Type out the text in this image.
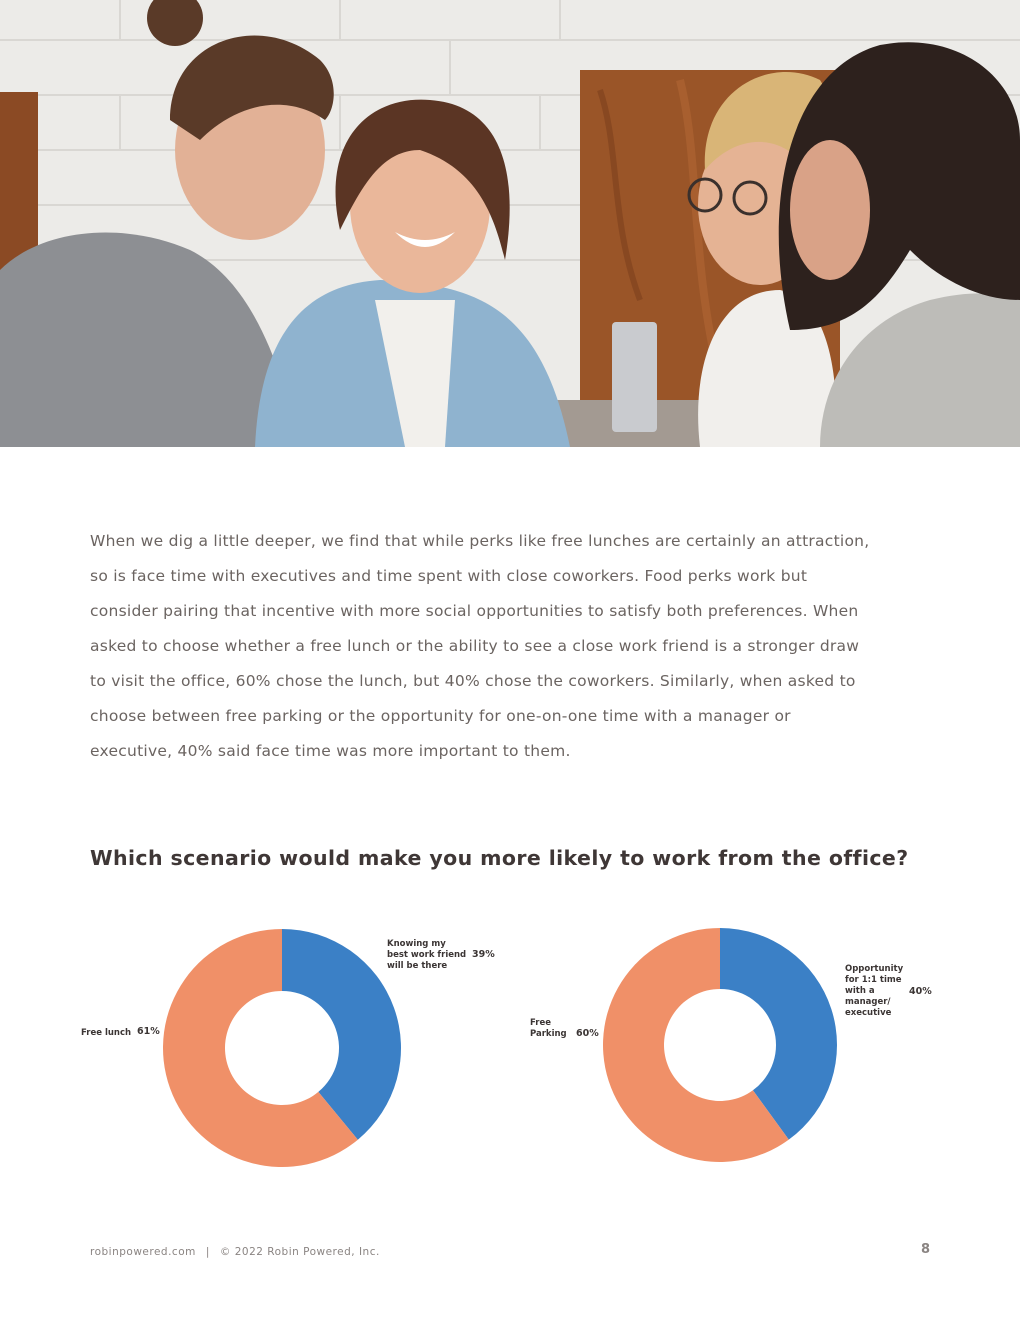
When we dig a little deeper, we find that while perks like free lunches are certainly an attraction, so is face time with executives and time spent with close coworkers. Food perks work but consider pairing that incentive with more social opportunities to satisfy both preferences. When asked to choose whether a free lunch or the ability to see a close work friend is a stronger draw to visit the office, 60% chose the lunch, but 40% chose the coworkers. Similarly, when asked to choose between free parking or the opportunity for one-on-one time with a manager or executive, 40% said face time was more important to them.

Which scenario would make you more likely to work from the office?
Knowing my
best work friend
will be there
39%
Free lunch 61%
Opportunity
for 1:1 time
with a
manager/
executive
40%
Free
Parking 60%
robinpowered.com | © 2022 Robin Powered, Inc.	8
